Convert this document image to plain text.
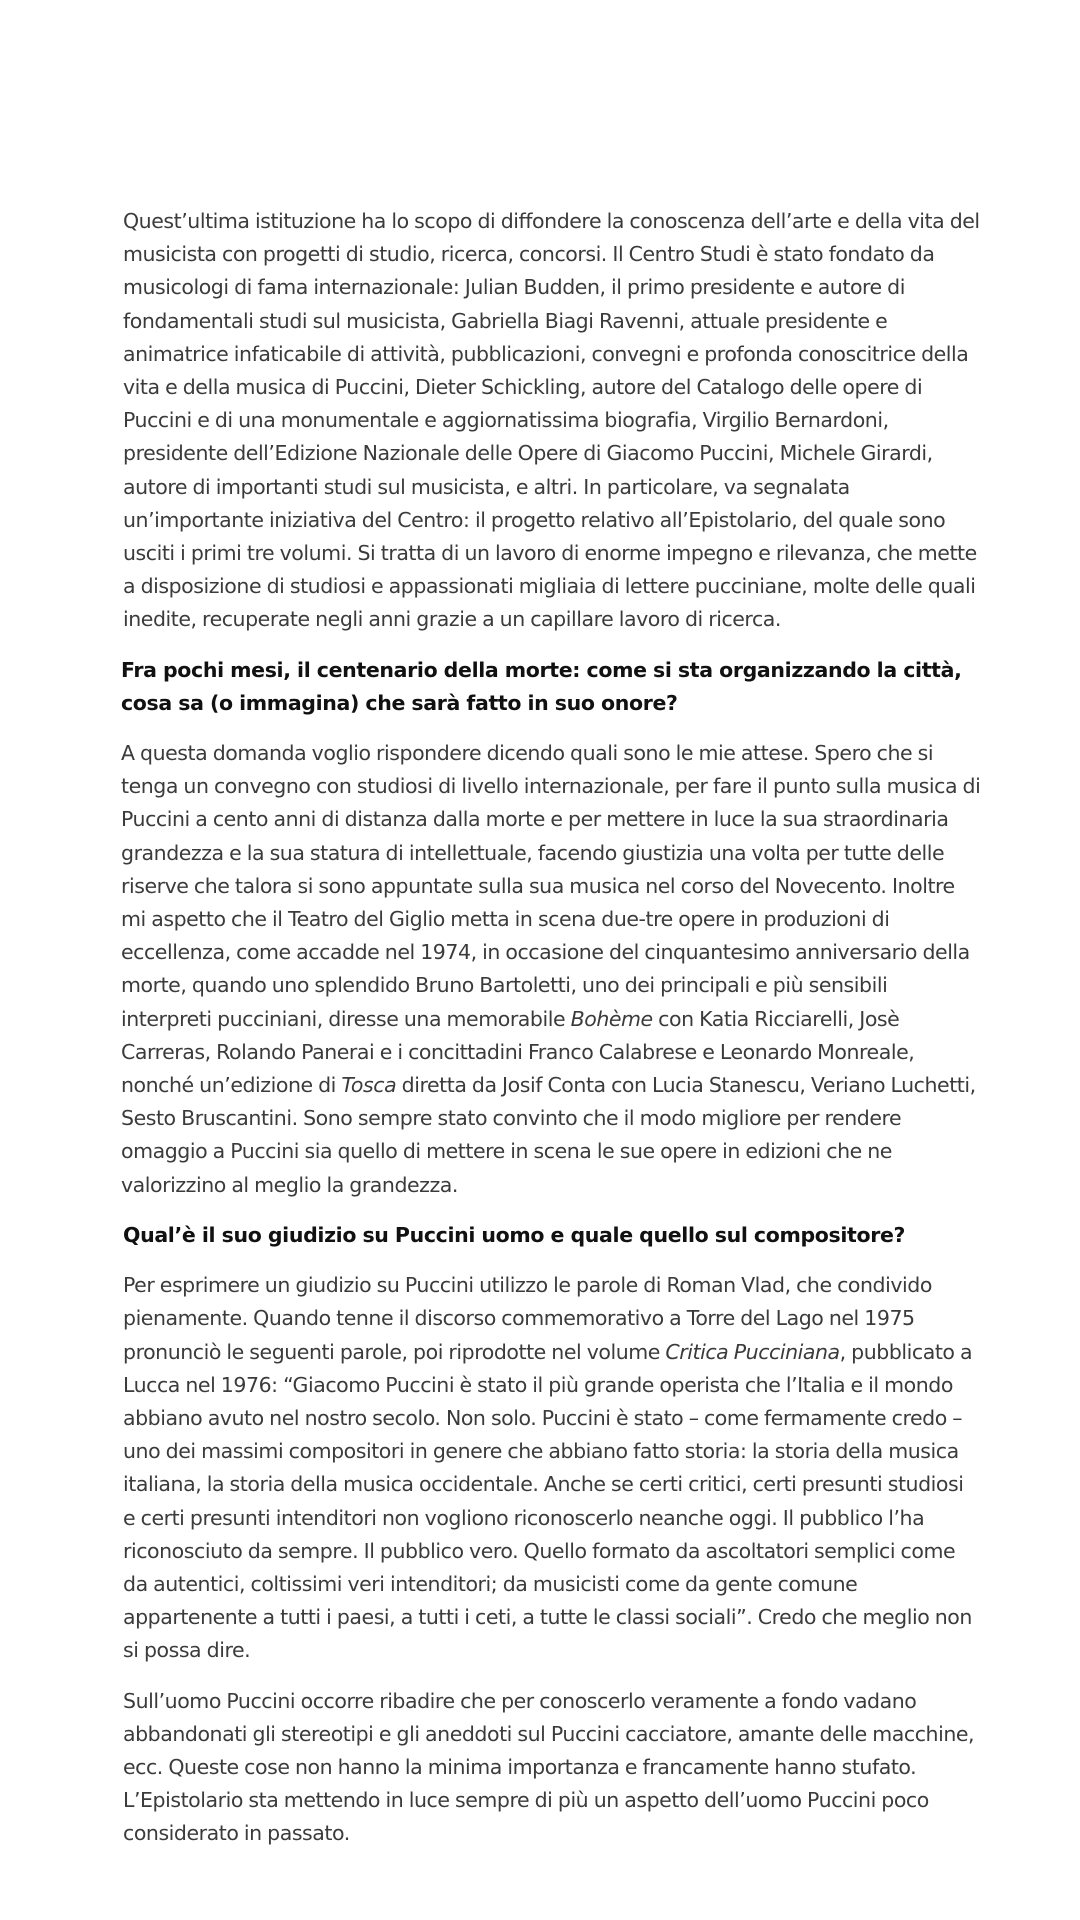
Quest’ultima istituzione ha lo scopo di diffondere la conoscenza dell’arte e della vita del musicista con progetti di studio, ricerca, concorsi. Il Centro Studi è stato fondato da musicologi di fama internazionale: Julian Budden, il primo presidente e autore di fondamentali studi sul musicista, Gabriella Biagi Ravenni, attuale presidente e animatrice infaticabile di attività, pubblicazioni, convegni e profonda conoscitrice della vita e della musica di Puccini, Dieter Schickling, autore del Catalogo delle opere di Puccini e di una monumentale e aggiornatissima biografia, Virgilio Bernardoni, presidente dell’Edizione Nazionale delle Opere di Giacomo Puccini, Michele Girardi, autore di importanti studi sul musicista, e altri. In particolare, va segnalata un’importante iniziativa del Centro: il progetto relativo all’Epistolario, del quale sono usciti i primi tre volumi. Si tratta di un lavoro di enorme impegno e rilevanza, che mette a disposizione di studiosi e appassionati migliaia di lettere pucciniane, molte delle quali inedite, recuperate negli anni grazie a un capillare lavoro di ricerca.

Fra pochi mesi, il centenario della morte: come si sta organizzando la città, cosa sa (o immagina) che sarà fatto in suo onore?

A questa domanda voglio rispondere dicendo quali sono le mie attese. Spero che si tenga un convegno con studiosi di livello internazionale, per fare il punto sulla musica di Puccini a cento anni di distanza dalla morte e per mettere in luce la sua straordinaria grandezza e la sua statura di intellettuale, facendo giustizia una volta per tutte delle riserve che talora si sono appuntate sulla sua musica nel corso del Novecento. Inoltre mi aspetto che il Teatro del Giglio metta in scena due-tre opere in produzioni di eccellenza, come accadde nel 1974, in occasione del cinquantesimo anniversario della morte, quando uno splendido Bruno Bartoletti, uno dei principali e più sensibili interpreti pucciniani, diresse una memorabile Bohème con Katia Ricciarelli, Josè Carreras, Rolando Panerai e i concittadini Franco Calabrese e Leonardo Monreale, nonché un’edizione di Tosca diretta da Josif Conta con Lucia Stanescu, Veriano Luchetti, Sesto Bruscantini. Sono sempre stato convinto che il modo migliore per rendere omaggio a Puccini sia quello di mettere in scena le sue opere in edizioni che ne valorizzino al meglio la grandezza.

Qual’è il suo giudizio su Puccini uomo e quale quello sul compositore?

Per esprimere un giudizio su Puccini utilizzo le parole di Roman Vlad, che condivido pienamente. Quando tenne il discorso commemorativo a Torre del Lago nel 1975 pronunciò le seguenti parole, poi riprodotte nel volume Critica Pucciniana, pubblicato a Lucca nel 1976: “Giacomo Puccini è stato il più grande operista che l’Italia e il mondo abbiano avuto nel nostro secolo. Non solo. Puccini è stato – come fermamente credo – uno dei massimi compositori in genere che abbiano fatto storia: la storia della musica italiana, la storia della musica occidentale. Anche se certi critici, certi presunti studiosi e certi presunti intenditori non vogliono riconoscerlo neanche oggi. Il pubblico l’ha riconosciuto da sempre. Il pubblico vero. Quello formato da ascoltatori semplici come da autentici, coltissimi veri intenditori; da musicisti come da gente comune appartenente a tutti i paesi, a tutti i ceti, a tutte le classi sociali”. Credo che meglio non si possa dire.

Sull’uomo Puccini occorre ribadire che per conoscerlo veramente a fondo vadano abbandonati gli stereotipi e gli aneddoti sul Puccini cacciatore, amante delle macchine, ecc. Queste cose non hanno la minima importanza e francamente hanno stufato. L’Epistolario sta mettendo in luce sempre di più un aspetto dell’uomo Puccini poco considerato in passato.
